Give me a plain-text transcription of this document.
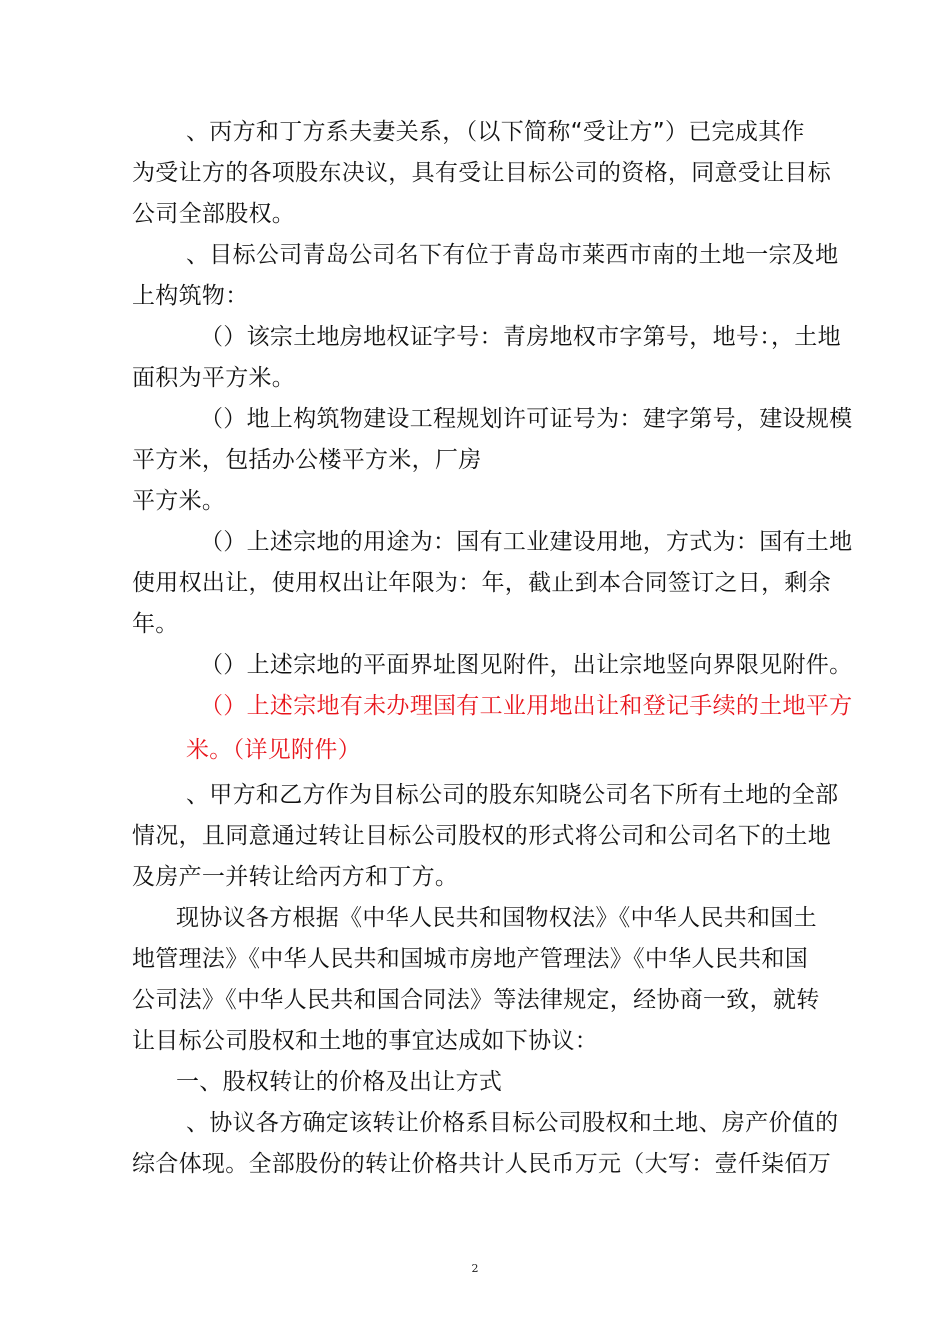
、丙方和丁方系夫妻关系，（以下简称“受让方”）已完成其作
为受让方的各项股东决议，具有受让目标公司的资格，同意受让目标
公司全部股权。
、目标公司青岛公司名下有位于青岛市莱西市南的土地一宗及地
上构筑物：
（）该宗土地房地权证字号：青房地权市字第号，地号：，土地
面积为平方米。
（）地上构筑物建设工程规划许可证号为：建字第号，建设规模
平方米，包括办公楼平方米，厂房
平方米。
（）上述宗地的用途为：国有工业建设用地，方式为：国有土地
使用权出让，使用权出让年限为：年，截止到本合同签订之日，剩余
年。
（）上述宗地的平面界址图见附件，出让宗地竖向界限见附件。
（）上述宗地有未办理国有工业用地出让和登记手续的土地平方
米。（详见附件）
、甲方和乙方作为目标公司的股东知晓公司名下所有土地的全部
情况，且同意通过转让目标公司股权的形式将公司和公司名下的土地
及房产一并转让给丙方和丁方。
现协议各方根据《中华人民共和国物权法》《中华人民共和国土
地管理法》《中华人民共和国城市房地产管理法》《中华人民共和国
公司法》《中华人民共和国合同法》等法律规定，经协商一致，就转
让目标公司股权和土地的事宜达成如下协议：
一、股权转让的价格及出让方式
、协议各方确定该转让价格系目标公司股权和土地、房产价值的
综合体现。全部股份的转让价格共计人民币万元（大写：壹仟柒佰万
2
